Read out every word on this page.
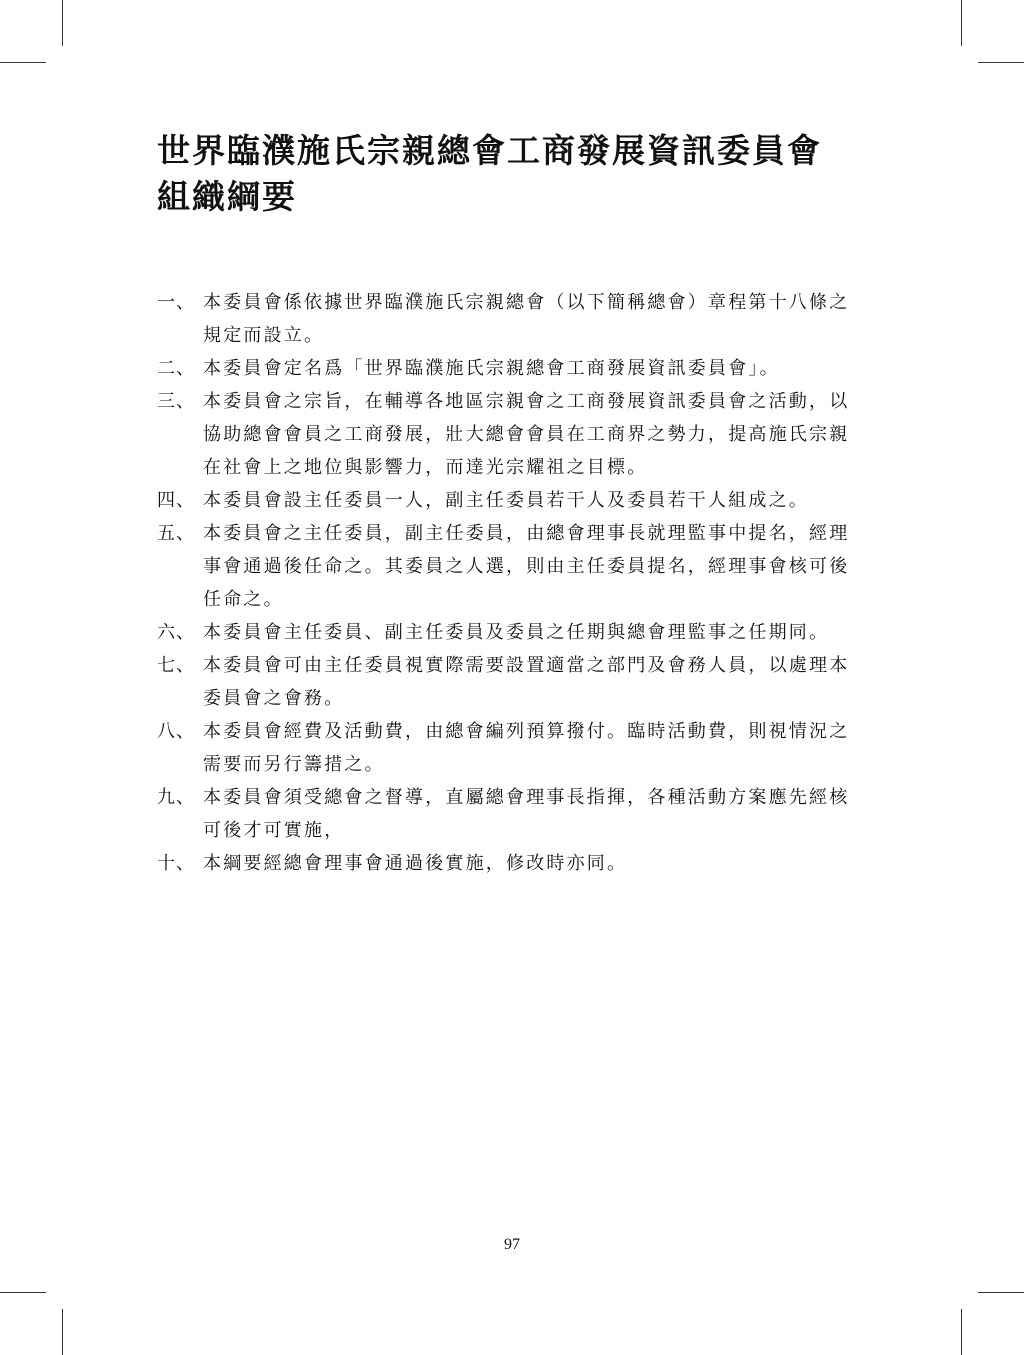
世界臨濮施氏宗親總會工商發展資訊委員會
組織綱要
一、 本委員會係依據世界臨濮施氏宗親總會（以下簡稱總會）章程第十八條之
規定而設立。
二、 本委員會定名爲「世界臨濮施氏宗親總會工商發展資訊委員會」。
三、 本委員會之宗旨，在輔導各地區宗親會之工商發展資訊委員會之活動，以
協助總會會員之工商發展，壯大總會會員在工商界之勢力，提高施氏宗親
在社會上之地位與影響力，而達光宗耀祖之目標。
四、 本委員會設主任委員一人，副主任委員若干人及委員若干人組成之。
五、 本委員會之主任委員，副主任委員，由總會理事長就理監事中提名，經理
事會通過後任命之。其委員之人選，則由主任委員提名，經理事會核可後
任命之。
六、 本委員會主任委員、副主任委員及委員之任期與總會理監事之任期同。
七、 本委員會可由主任委員視實際需要設置適當之部門及會務人員，以處理本
委員會之會務。
八、 本委員會經費及活動費，由總會編列預算撥付。臨時活動費，則視情況之
需要而另行籌措之。
九、 本委員會須受總會之督導，直屬總會理事長指揮，各種活動方案應先經核
可後才可實施，
十、 本綱要經總會理事會通過後實施，修改時亦同。
97
